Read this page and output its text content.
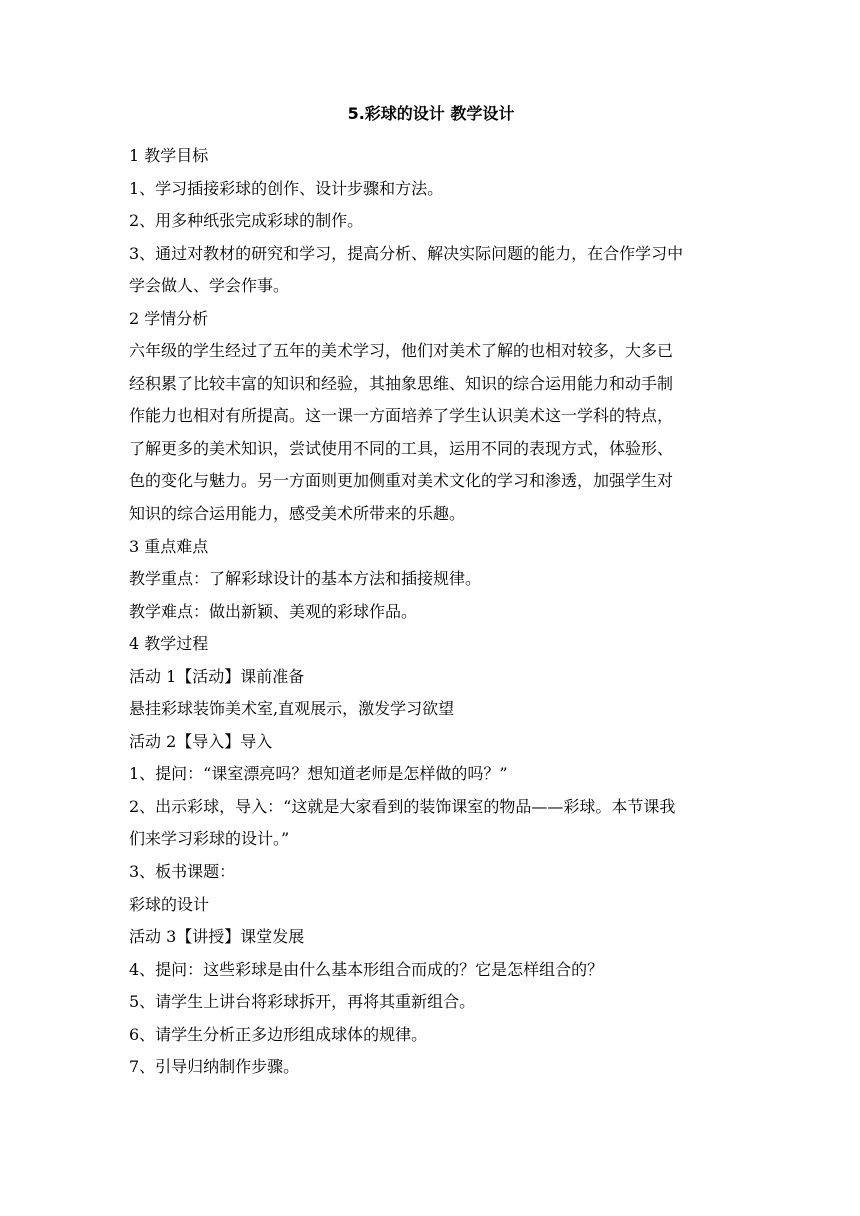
5.彩球的设计 教学设计
1 教学目标
1、学习插接彩球的创作、设计步骤和方法。
2、用多种纸张完成彩球的制作。
3、通过对教材的研究和学习，提高分析、解决实际问题的能力，在合作学习中
学会做人、学会作事。
2 学情分析
六年级的学生经过了五年的美术学习，他们对美术了解的也相对较多，大多已
经积累了比较丰富的知识和经验，其抽象思维、知识的综合运用能力和动手制
作能力也相对有所提高。这一课一方面培养了学生认识美术这一学科的特点，
了解更多的美术知识，尝试使用不同的工具，运用不同的表现方式，体验形、
色的变化与魅力。另一方面则更加侧重对美术文化的学习和渗透，加强学生对
知识的综合运用能力，感受美术所带来的乐趣。
3 重点难点
教学重点：了解彩球设计的基本方法和插接规律。
教学难点：做出新颖、美观的彩球作品。
4 教学过程
活动 1【活动】课前准备
悬挂彩球装饰美术室,直观展示，激发学习欲望
活动 2【导入】导入
1、提问：“课室漂亮吗？想知道老师是怎样做的吗？”
2、出示彩球，导入：“这就是大家看到的装饰课室的物品——彩球。本节课我
们来学习彩球的设计。”
3、板书课题：
彩球的设计
活动 3【讲授】课堂发展
4、提问：这些彩球是由什么基本形组合而成的？它是怎样组合的？
5、请学生上讲台将彩球拆开，再将其重新组合。
6、请学生分析正多边形组成球体的规律。
7、引导归纳制作步骤。
